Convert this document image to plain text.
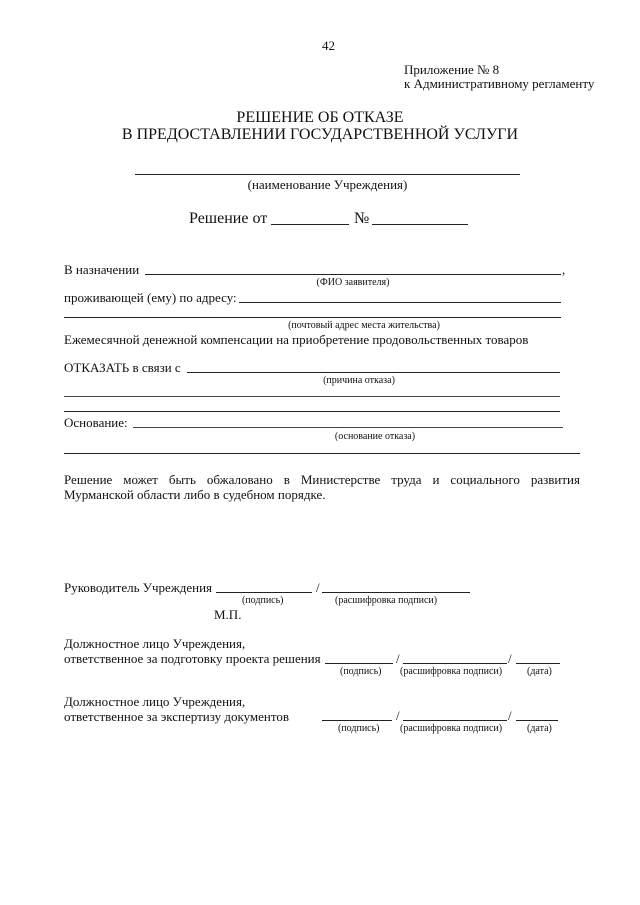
42
Приложение № 8
к Административному регламенту
РЕШЕНИЕ ОБ ОТКАЗЕ
В ПРЕДОСТАВЛЕНИИ ГОСУДАРСТВЕННОЙ УСЛУГИ
(наименование Учреждения)
Решение от	№
В назначении	,
(ФИО заявителя)
проживающей (ему) по адресу:
(почтовый адрес места жительства)
Ежемесячной денежной компенсации на приобретение продовольственных товаров
ОТКАЗАТЬ в связи с
(причина отказа)
Основание:
(основание отказа)
Решение может быть обжаловано в Министерстве труда и социального развития Мурманской области либо в судебном порядке.
Руководитель Учреждения	/
(подпись)	(расшифровка подписи)
М.П.
Должностное лицо Учреждения,
ответственное за подготовку проекта решения	/	/
(подпись) (расшифровка подписи) (дата)
Должностное лицо Учреждения,
ответственное за экспертизу документов	/	/
(подпись) (расшифровка подписи) (дата)
